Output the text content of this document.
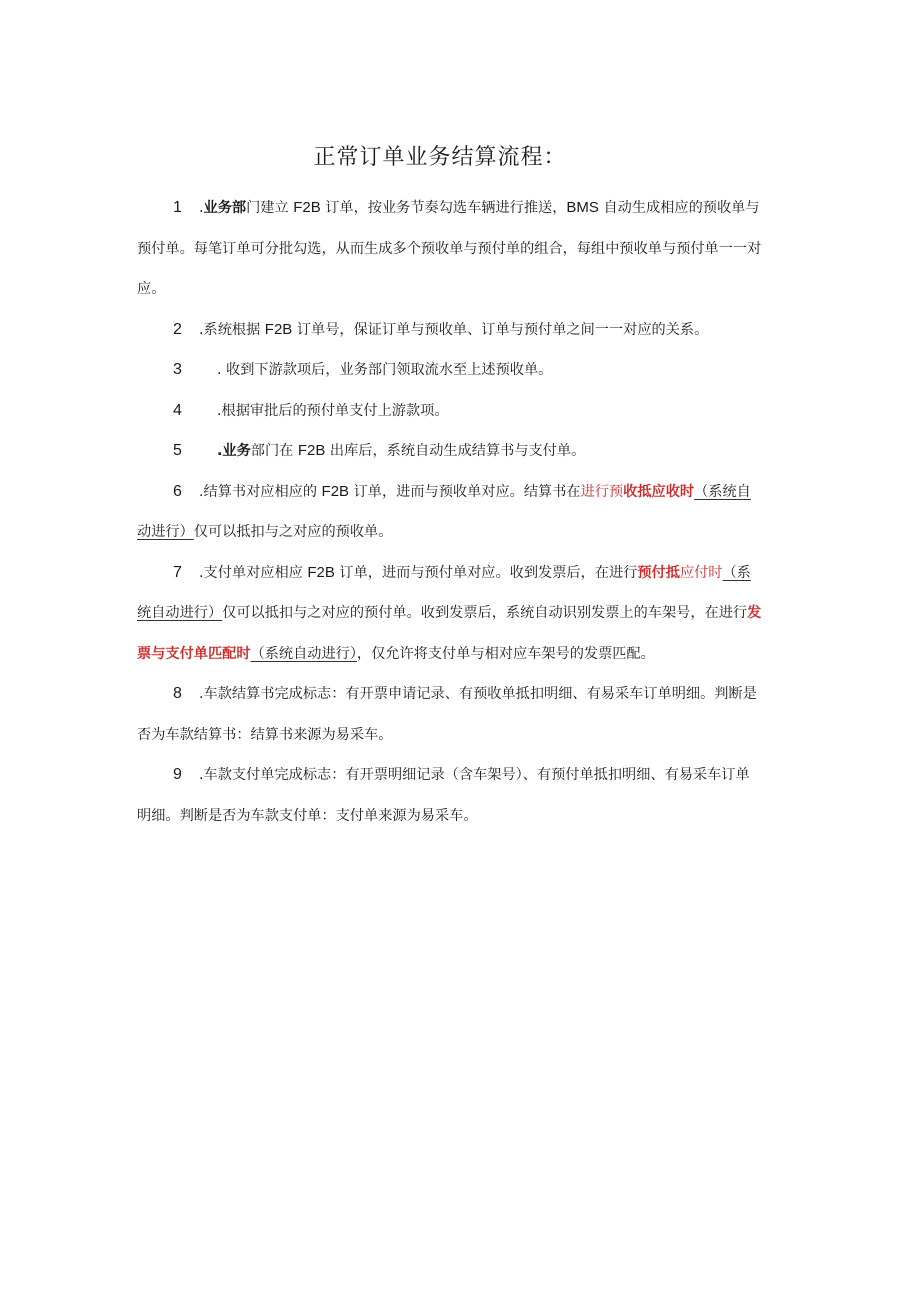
正常订单业务结算流程：

1 .业务部门建立 F2B 订单，按业务节奏勾选车辆进行推送，BMS 自动生成相应的预收单与预付单。每笔订单可分批勾选，从而生成多个预收单与预付单的组合，每组中预收单与预付单一一对应。

2 .系统根据 F2B 订单号，保证订单与预收单、订单与预付单之间一一对应的关系。

3 . 收到下游款项后，业务部门领取流水至上述预收单。

4 .根据审批后的预付单支付上游款项。

5 .业务部门在 F2B 出库后，系统自动生成结算书与支付单。

6 .结算书对应相应的 F2B 订单，进而与预收单对应。结算书在进行预收抵应收时（系统自动进行）仅可以抵扣与之对应的预收单。

7 .支付单对应相应 F2B 订单，进而与预付单对应。收到发票后，在进行预付抵应付时（系统自动进行）仅可以抵扣与之对应的预付单。收到发票后，系统自动识别发票上的车架号，在进行发票与支付单匹配时（系统自动进行），仅允许将支付单与相对应车架号的发票匹配。

8 .车款结算书完成标志：有开票申请记录、有预收单抵扣明细、有易采车订单明细。判断是否为车款结算书：结算书来源为易采车。

9 .车款支付单完成标志：有开票明细记录（含车架号）、有预付单抵扣明细、有易采车订单明细。判断是否为车款支付单：支付单来源为易采车。
